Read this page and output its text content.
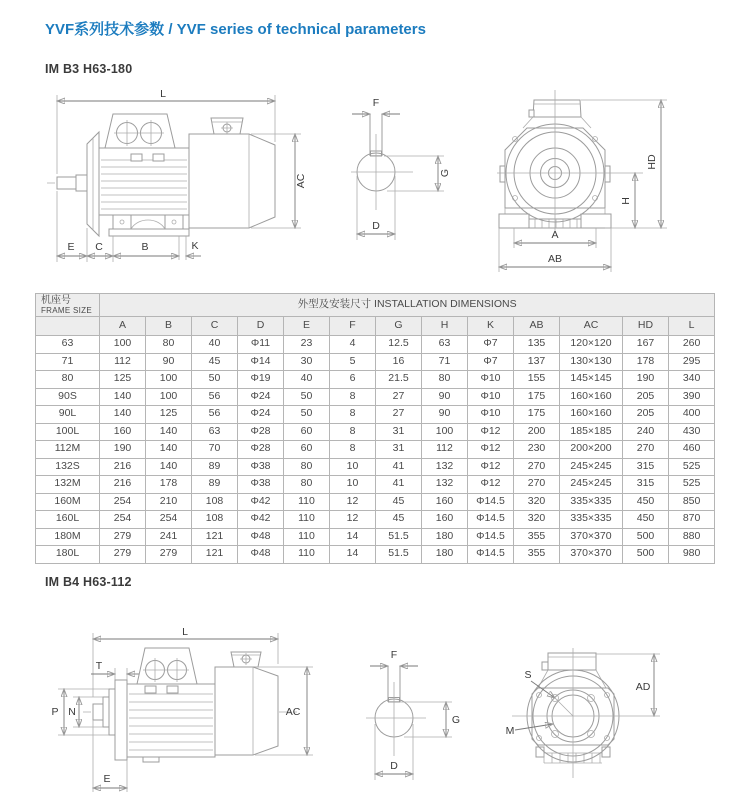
YVF系列技术参数 / YVF series of technical parameters
IM B3 H63-180
IM B4 H63-112
L
AC
E C	B	K
F
G
D
H
HD
A
AB
机座号
FRAME SIZE	外型及安装尺寸 INSTALLATION DIMENSIONS												
	A	B	C	D	E	F	G	H	K	AB	AC	HD	L
63	100	80	40	Φ11	23	4	12.5	63	Φ7	135	120×120	167	260
71	112	90	45	Φ14	30	5	16	71	Φ7	137	130×130	178	295
80	125	100	50	Φ19	40	6	21.5	80	Φ10	155	145×145	190	340
90S	140	100	56	Φ24	50	8	27	90	Φ10	175	160×160	205	390
90L	140	125	56	Φ24	50	8	27	90	Φ10	175	160×160	205	400
100L	160	140	63	Φ28	60	8	31	100	Φ12	200	185×185	240	430
112M	190	140	70	Φ28	60	8	31	112	Φ12	230	200×200	270	460
132S	216	140	89	Φ38	80	10	41	132	Φ12	270	245×245	315	525
132M	216	178	89	Φ38	80	10	41	132	Φ12	270	245×245	315	525
160M	254	210	108	Φ42	110	12	45	160	Φ14.5	320	335×335	450	850
160L	254	254	108	Φ42	110	12	45	160	Φ14.5	320	335×335	450	870
180M	279	241	121	Φ48	110	14	51.5	180	Φ14.5	355	370×370	500	880
180L	279	279	121	Φ48	110	14	51.5	180	Φ14.5	355	370×370	500	980
L
T
P N	AC
E
F
G
D
S
M
AD
